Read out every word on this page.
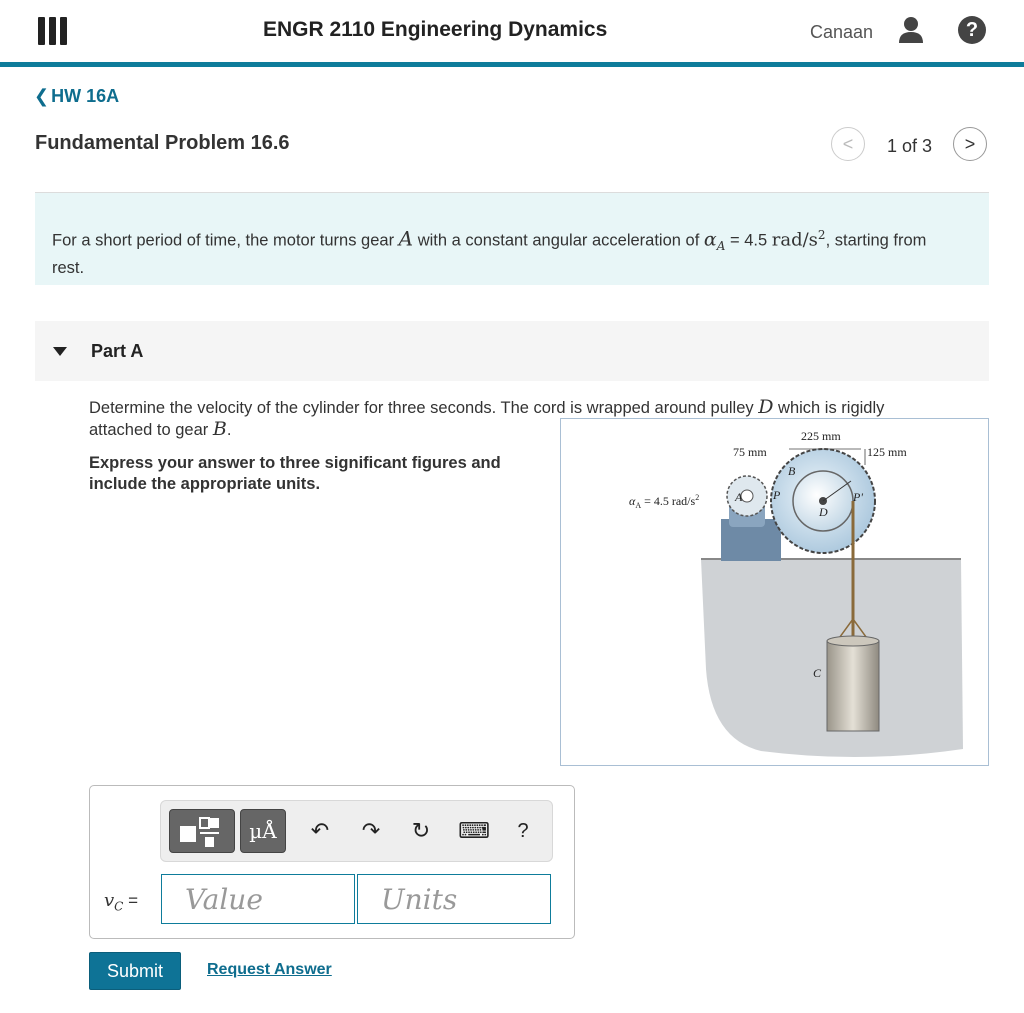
ENGR 2110 Engineering Dynamics	Canaan	?
❮ HW 16A
Fundamental Problem 16.6	<	1 of 3	>
For a short period of time, the motor turns gear A with a constant angular acceleration of $\alpha_A = 4.5$ rad/$s^2$, starting from rest.
Part A
Determine the velocity of the cylinder for three seconds. The cord is wrapped around pulley D which is rigidly attached to gear B.
Express your answer to three significant figures and include the appropriate units.
225 mm
75 mm	125 mm
$\alpha_A = 4.5$ rad/$s^2$	A
B
P	P'
D
C
µÅ	↶ ↷ ↻ ⌨	?
$v_C$ =
Value
Units
Submit	Request Answer
